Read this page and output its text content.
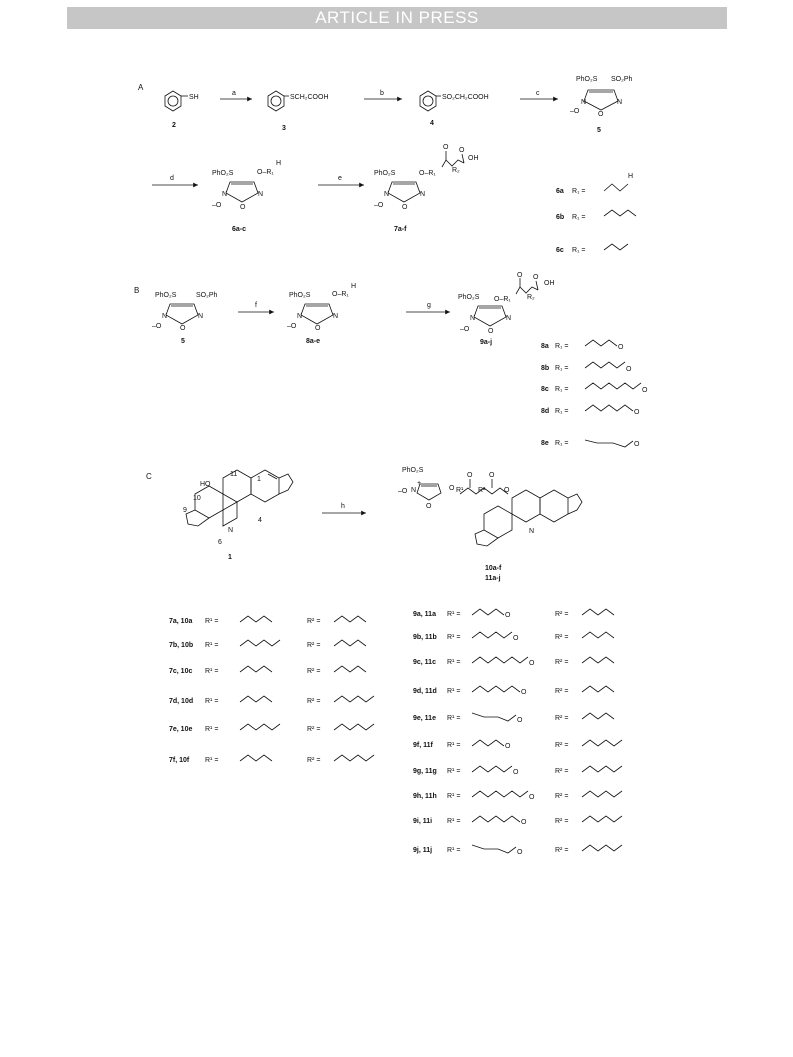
ARTICLE IN PRESS
A
SH
2
a
SCH₂COOH
3
b
SO₂CH₂COOH
4
c
PhO₂S SO₂Ph
N
–O	O
N
5
d
PhO₂S	O–R₁
H
N
–O	O
N
6a-c
e
PhO₂S	O–R₁
O
R₂
O
OH
N
–O	O
N
7a-f
6a R₁ =
H
6b R₁ =
6c R₁ =
B
PhO₂S	SO₂Ph
N
–O	O
N
5
f
PhO₂S	O–R₁
H
N
–O	O
N
8a-e
g
PhO₂S O–R₁
O
R₂
O
OH
N
–O	O
N
9a-j
8a R₁ =	O
8b R₁ =	O
8c R₁ =	O
8d R₁ =	O
8e R₁ =	O
C
HO
11
1
10
9
4
N
6
1
h
PhO₂S
N
+
–O
O
O R¹
O
R²
O
O
N
10a-f
11a-j
7a, 10a R¹ =	R² =
7b, 10b R¹ =	R² =
7c, 10c R¹ =	R² =
7d, 10d R¹ =	R² =
7e, 10e R¹ =	R² =
7f, 10f R¹ =	R² =
9a, 11a R¹ =	O	R² =
9b, 11b R¹ =	O	R² =
9c, 11c R¹ =	O	R² =
9d, 11d R¹ =	O	R² =
9e, 11e R¹ =	O	R² =
9f, 11f R¹ =	O	R² =
9g, 11g R¹ =	O	R² =
9h, 11h R¹ =	O	R² =
9i, 11i R¹ =	O	R² =
9j, 11j R¹ =	O	R² =
